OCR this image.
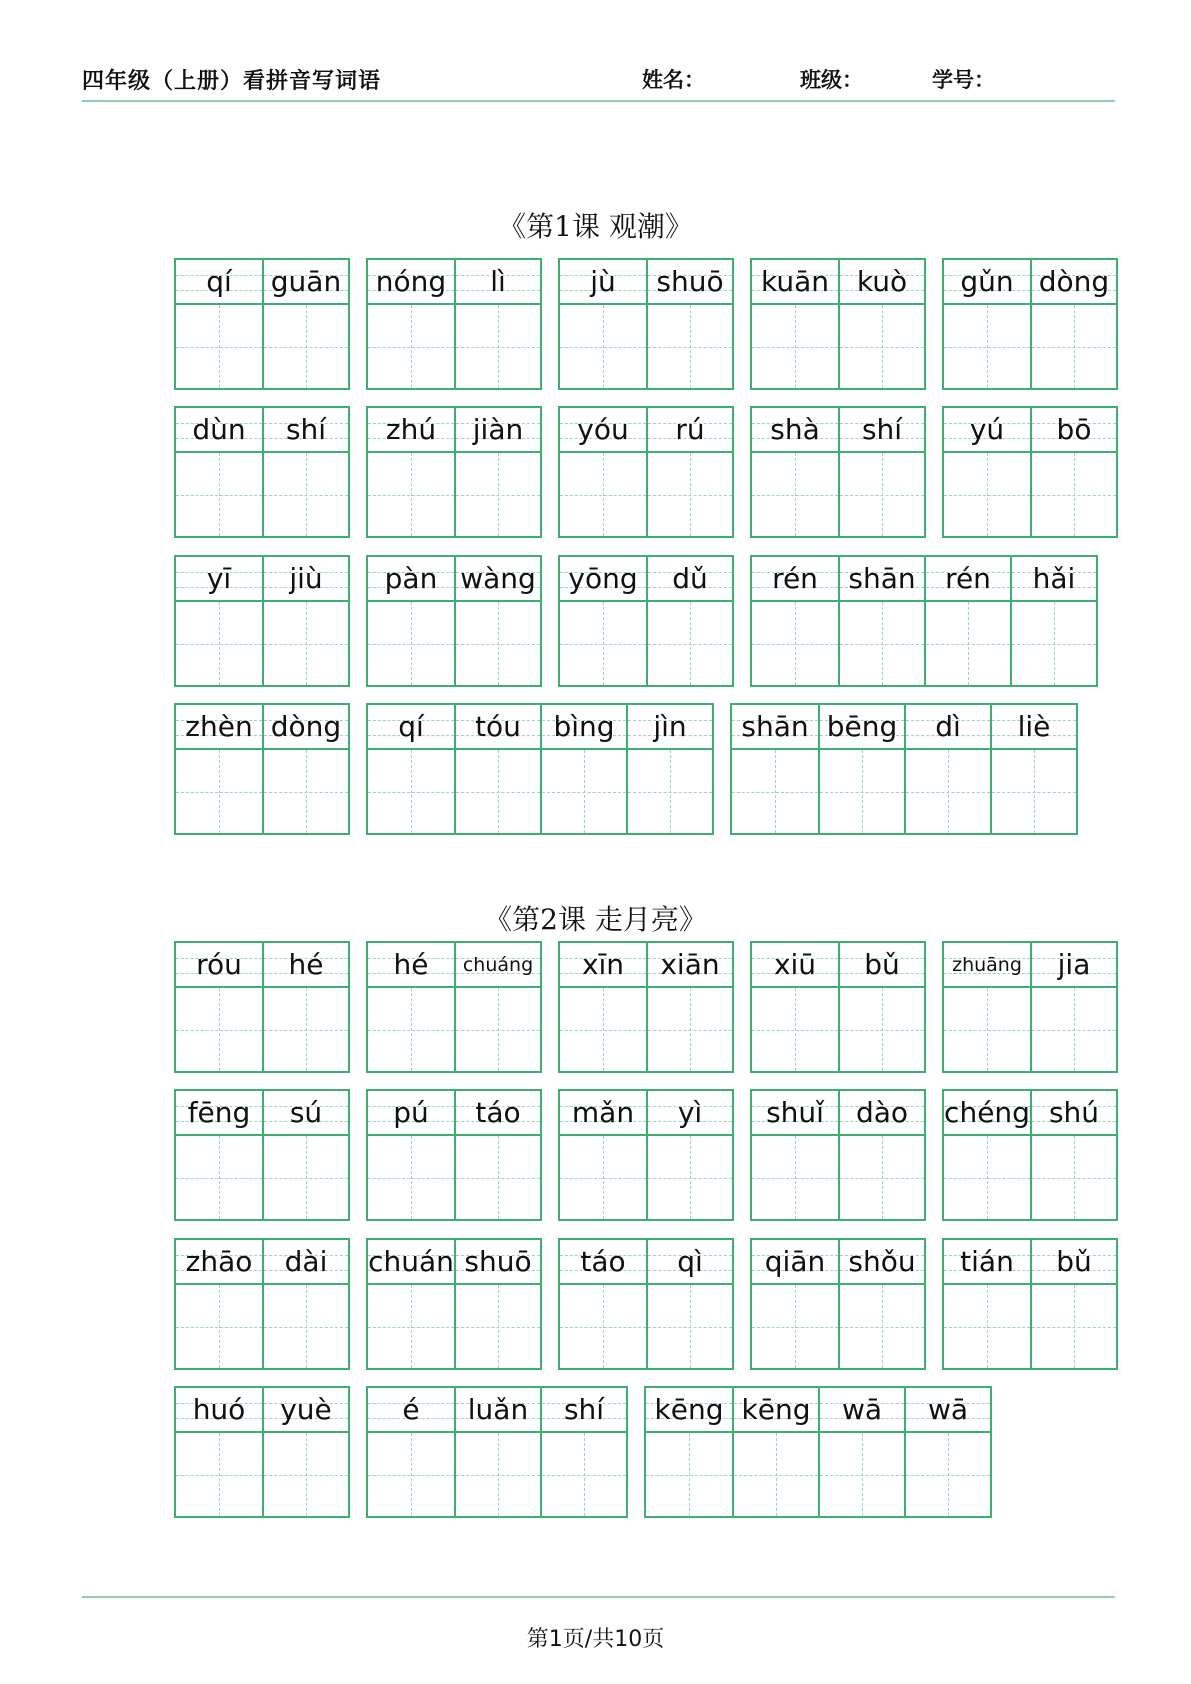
四年级（上册）看拼音写词语	姓名：	班级：	学号：
《第1课 观潮》
qí guān nóng lì	jù shuō kuān kuò gǔn dòng
dùn shí zhú jiàn yóu rú shà shí yú bō
yī jiù pàn wàng yōng dǔ rén shān rén hǎi
zhèn dòng qí tóu bìng jìn shān bēng dì liè
《第2课 走月亮》
róu hé	hé chuáng xīn xiān xiū bǔ	zhuāng jia
fēng sú	pú táo mǎn yì shuǐ dào chéng shú
zhāo dài chuán shuō táo qì qiān shǒu tián bǔ
huó yuè	é luǎn shí kēng kēng wā wā
第1页/共10页
